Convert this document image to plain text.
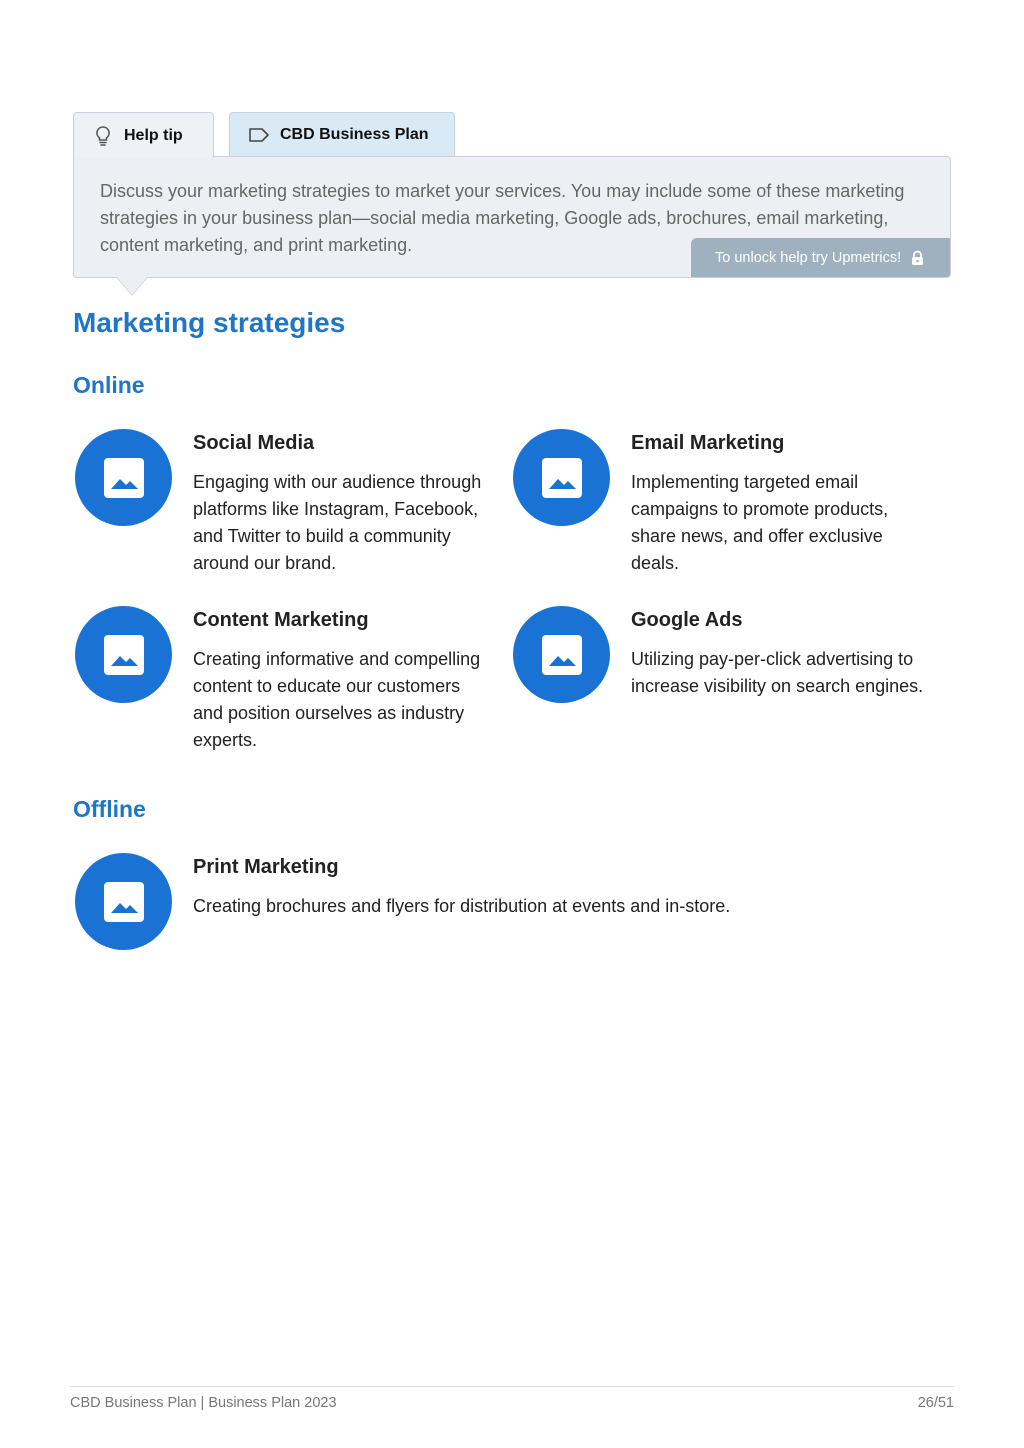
Help tip	CBD Business Plan

Discuss your marketing strategies to market your services. You may include some of these marketing strategies in your business plan—social media marketing, Google ads, brochures, email marketing, content marketing, and print marketing.

To unlock help try Upmetrics!
Marketing strategies
Online
Social Media
Engaging with our audience through platforms like Instagram, Facebook, and Twitter to build a community around our brand.
Email Marketing
Implementing targeted email campaigns to promote products, share news, and offer exclusive deals.
Content Marketing
Creating informative and compelling content to educate our customers and position ourselves as industry experts.
Google Ads
Utilizing pay-per-click advertising to increase visibility on search engines.
Offline
Print Marketing
Creating brochures and flyers for distribution at events and in-store.
CBD Business Plan | Business Plan 2023	26/51
